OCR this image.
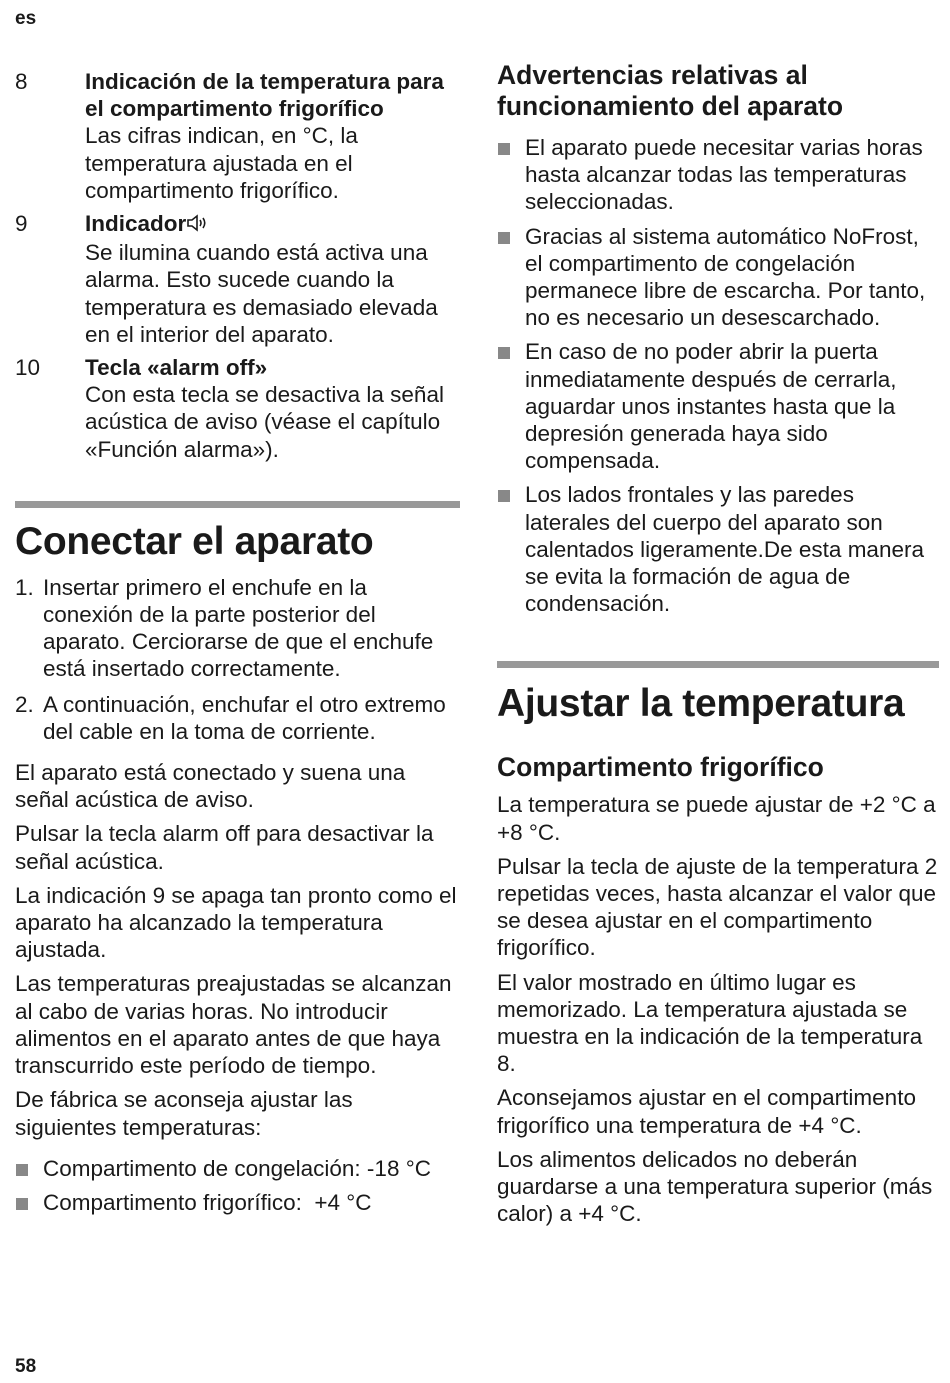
es
8	Indicación de la temperatura para el compartimento frigorífico
Las cifras indican, en °C, la temperatura ajustada en el compartimento frigorífico.
9	Indicador
Se ilumina cuando está activa una alarma. Esto sucede cuando la temperatura es demasiado elevada en el interior del aparato.
10 Tecla «alarm off»
Con esta tecla se desactiva la señal acústica de aviso (véase el capítulo «Función alarma»).
Conectar el aparato
1. Insertar primero el enchufe en la conexión de la parte posterior del aparato. Cerciorarse de que el enchufe está insertado correctamente.
2. A continuación, enchufar el otro extremo del cable en la toma de corriente.

El aparato está conectado y suena una señal acústica de aviso.

Pulsar la tecla alarm off para desactivar la señal acústica.

La indicación 9 se apaga tan pronto como el aparato ha alcanzado la temperatura ajustada.

Las temperaturas preajustadas se alcanzan al cabo de varias horas. No introducir alimentos en el aparato antes de que haya transcurrido este período de tiempo.

De fábrica se aconseja ajustar las siguientes temperaturas:

Compartimento de congelación: -18 °C
Compartimento frigorífico:  +4 °C
Advertencias relativas al funcionamiento del aparato
El aparato puede necesitar varias horas hasta alcanzar todas las temperaturas seleccionadas.
Gracias al sistema automático NoFrost, el compartimento de congelación permanece libre de escarcha. Por tanto, no es necesario un desescarchado.
En caso de no poder abrir la puerta inmediatamente después de cerrarla, aguardar unos instantes hasta que la depresión generada haya sido compensada.
Los lados frontales y las paredes laterales del cuerpo del aparato son calentados ligeramente.De esta manera se evita la formación de agua de condensación.
Ajustar la temperatura
Compartimento frigorífico

La temperatura se puede ajustar de +2 °C a +8 °C.

Pulsar la tecla de ajuste de la temperatura 2 repetidas veces, hasta alcanzar el valor que se desea ajustar en el compartimento frigorífico.

El valor mostrado en último lugar es memorizado. La temperatura ajustada se muestra en la indicación de la temperatura 8.

Aconsejamos ajustar en el compartimento frigorífico una temperatura de +4 °C.

Los alimentos delicados no deberán guardarse a una temperatura superior (más calor) a +4 °C.

58
